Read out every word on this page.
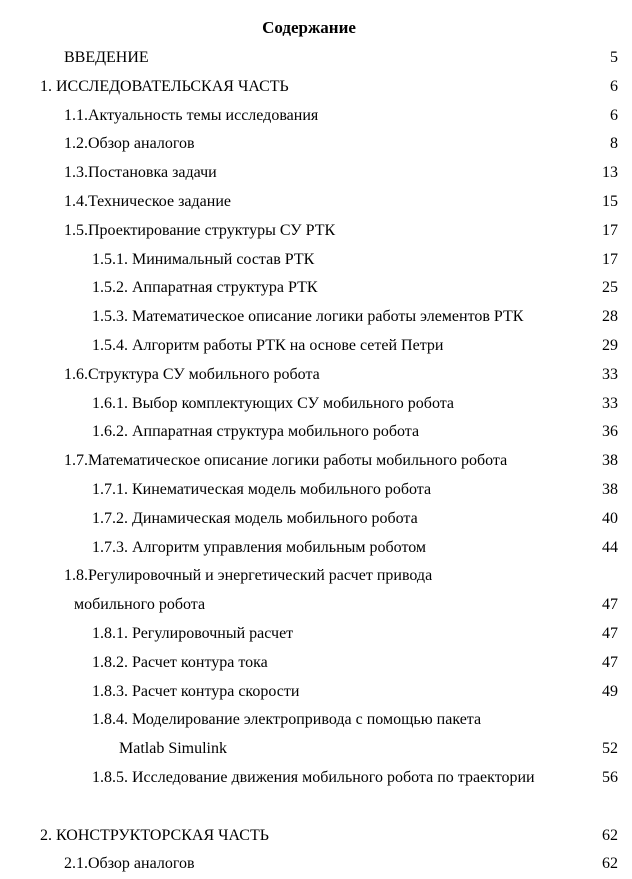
Содержание
ВВЕДЕНИЕ	5
1. ИССЛЕДОВАТЕЛЬСКАЯ ЧАСТЬ	6
1.1.Актуальность темы исследования	6
1.2.Обзор аналогов	8
1.3.Постановка задачи	13
1.4.Техническое задание	15
1.5.Проектирование структуры СУ РТК	17
1.5.1. Минимальный состав РТК	17
1.5.2. Аппаратная структура РТК	25
1.5.3. Математическое описание логики работы элементов РТК	28
1.5.4. Алгоритм работы РТК на основе сетей Петри	29
1.6.Структура СУ мобильного робота	33
1.6.1. Выбор комплектующих СУ мобильного робота	33
1.6.2. Аппаратная структура мобильного робота	36
1.7.Математическое описание логики работы мобильного робота	38
1.7.1. Кинематическая модель мобильного робота	38
1.7.2. Динамическая модель мобильного робота	40
1.7.3. Алгоритм управления мобильным роботом	44
1.8.Регулировочный и энергетический расчет привода
мобильного робота	47
1.8.1. Регулировочный расчет	47
1.8.2. Расчет контура тока	47
1.8.3. Расчет контура скорости	49
1.8.4. Моделирование электропривода с помощью пакета
Matlab Simulink	52
1.8.5. Исследование движения мобильного робота по траектории	56
2. КОНСТРУКТОРСКАЯ ЧАСТЬ	62
2.1.Обзор аналогов	62
